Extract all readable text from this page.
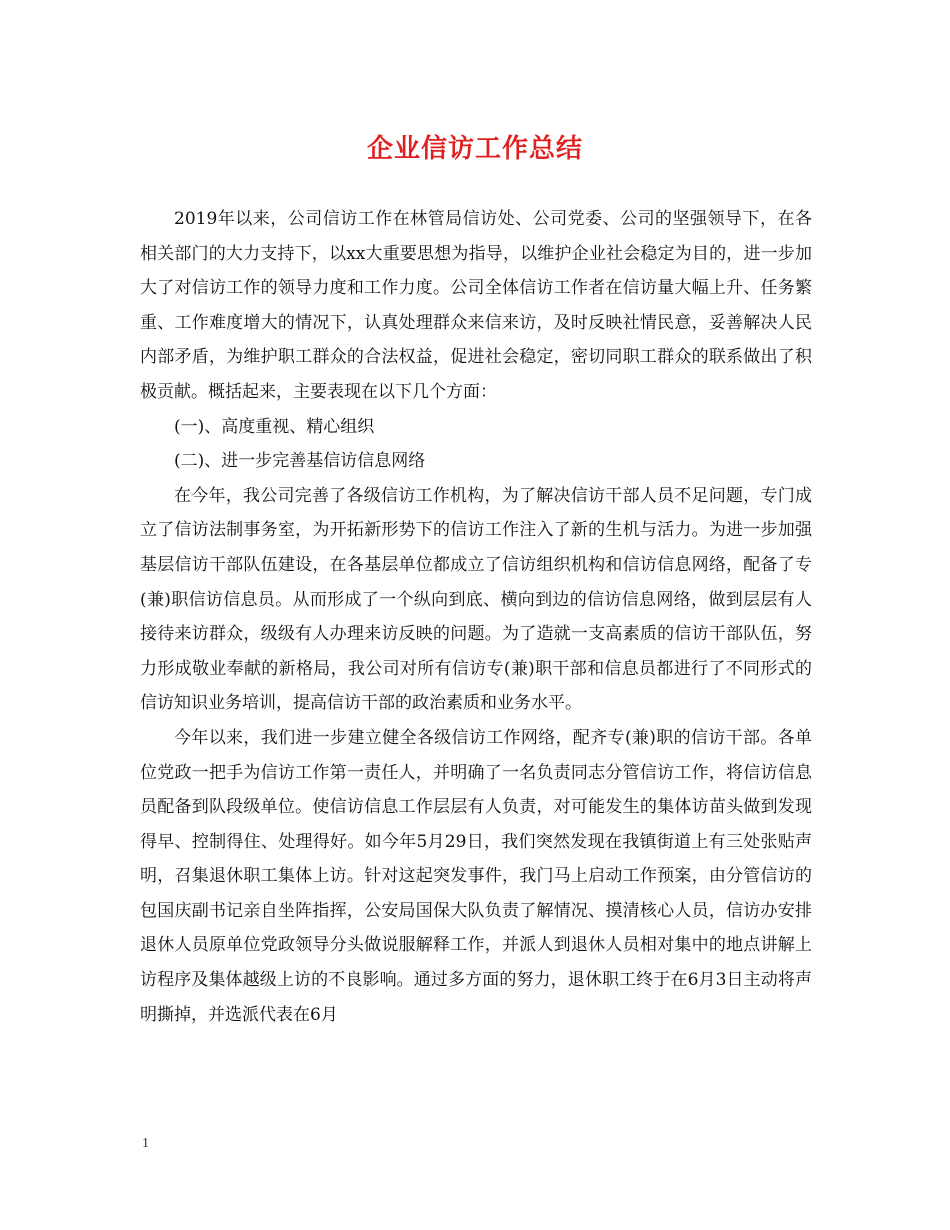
企业信访工作总结

2019年以来，公司信访工作在林管局信访处、公司党委、公司的坚强领导下，在各相关部门的大力支持下，以xx大重要思想为指导，以维护企业社会稳定为目的，进一步加大了对信访工作的领导力度和工作力度。公司全体信访工作者在信访量大幅上升、任务繁重、工作难度增大的情况下，认真处理群众来信来访，及时反映社情民意，妥善解决人民内部矛盾，为维护职工群众的合法权益，促进社会稳定，密切同职工群众的联系做出了积极贡献。概括起来，主要表现在以下几个方面：

(一)、高度重视、精心组织

(二)、进一步完善基信访信息网络

在今年，我公司完善了各级信访工作机构，为了解决信访干部人员不足问题，专门成立了信访法制事务室，为开拓新形势下的信访工作注入了新的生机与活力。为进一步加强基层信访干部队伍建设，在各基层单位都成立了信访组织机构和信访信息网络，配备了专(兼)职信访信息员。从而形成了一个纵向到底、横向到边的信访信息网络，做到层层有人接待来访群众，级级有人办理来访反映的问题。为了造就一支高素质的信访干部队伍，努力形成敬业奉献的新格局，我公司对所有信访专(兼)职干部和信息员都进行了不同形式的信访知识业务培训，提高信访干部的政治素质和业务水平。

今年以来，我们进一步建立健全各级信访工作网络，配齐专(兼)职的信访干部。各单位党政一把手为信访工作第一责任人，并明确了一名负责同志分管信访工作，将信访信息员配备到队段级单位。使信访信息工作层层有人负责，对可能发生的集体访苗头做到发现得早、控制得住、处理得好。如今年5月29日，我们突然发现在我镇街道上有三处张贴声明，召集退休职工集体上访。针对这起突发事件，我门马上启动工作预案，由分管信访的包国庆副书记亲自坐阵指挥，公安局国保大队负责了解情况、摸清核心人员，信访办安排退休人员原单位党政领导分头做说服解释工作，并派人到退休人员相对集中的地点讲解上访程序及集体越级上访的不良影响。通过多方面的努力，退休职工终于在6月3日主动将声明撕掉，并选派代表在6月

1
